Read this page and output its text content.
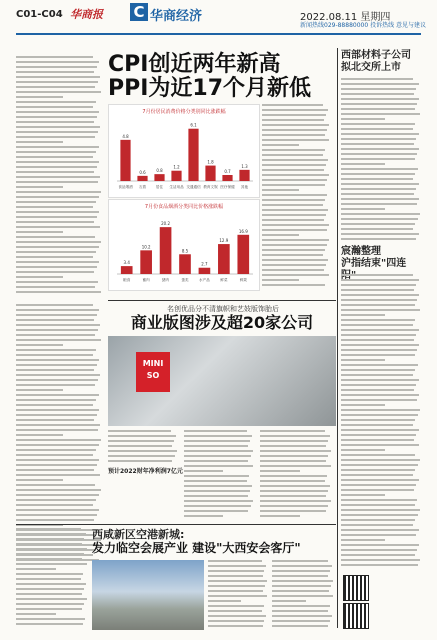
C01-C04 华商报 C 华商经济	2022.08.11 星期四
新闻热线029-88880000 投诉热线 意见与建议
CPI创近两年新高
PPI为近17个月新低
7月份居民消费价格分类别同比涨跌幅
4.8
食品烟酒
0.6
衣着
0.8
居住
1.2
生活用品
6.1
交通通信
1.8
教育文娱
0.7
医疗保健
1.3
其他
7月份食品烟酒分类同比价格涨跌幅
3.4
粮食
10.2
畜肉
20.2
猪肉
8.5
蛋类
2.7
水产品
12.9
鲜菜
16.9
鲜果
西部材料子公司
拟北交所上市
宸瀚整理
沪指结束"四连
名创优品分不清旗帜和艺妓版饰胎后
商业版图涉及超20家公司
MINI SO
预计2022财年净利润7亿元
西咸新区空港新城:
发力临空会展产业 建设"大西安会客厅"
